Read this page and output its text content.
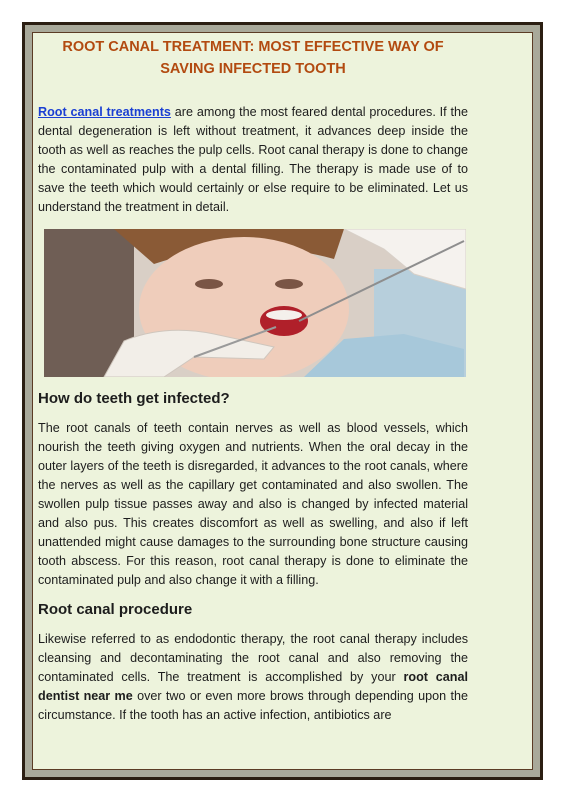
ROOT CANAL TREATMENT: MOST EFFECTIVE WAY OF SAVING INFECTED TOOTH

Root canal treatments are among the most feared dental procedures. If the dental degeneration is left without treatment, it advances deep inside the tooth as well as reaches the pulp cells. Root canal therapy is done to change the contaminated pulp with a dental filling. The therapy is made use of to save the teeth which would certainly or else require to be eliminated. Let us understand the treatment in detail.

How do teeth get infected?

The root canals of teeth contain nerves as well as blood vessels, which nourish the teeth giving oxygen and nutrients. When the oral decay in the outer layers of the teeth is disregarded, it advances to the root canals, where the nerves as well as the capillary get contaminated and also swollen. The swollen pulp tissue passes away and also is changed by infected material and also pus. This creates discomfort as well as swelling, and also if left unattended might cause damages to the surrounding bone structure causing tooth abscess. For this reason, root canal therapy is done to eliminate the contaminated pulp and also change it with a filling.

Root canal procedure

Likewise referred to as endodontic therapy, the root canal therapy includes cleansing and decontaminating the root canal and also removing the contaminated cells. The treatment is accomplished by your root canal dentist near me over two or even more brows through depending upon the circumstance. If the tooth has an active infection, antibiotics are
